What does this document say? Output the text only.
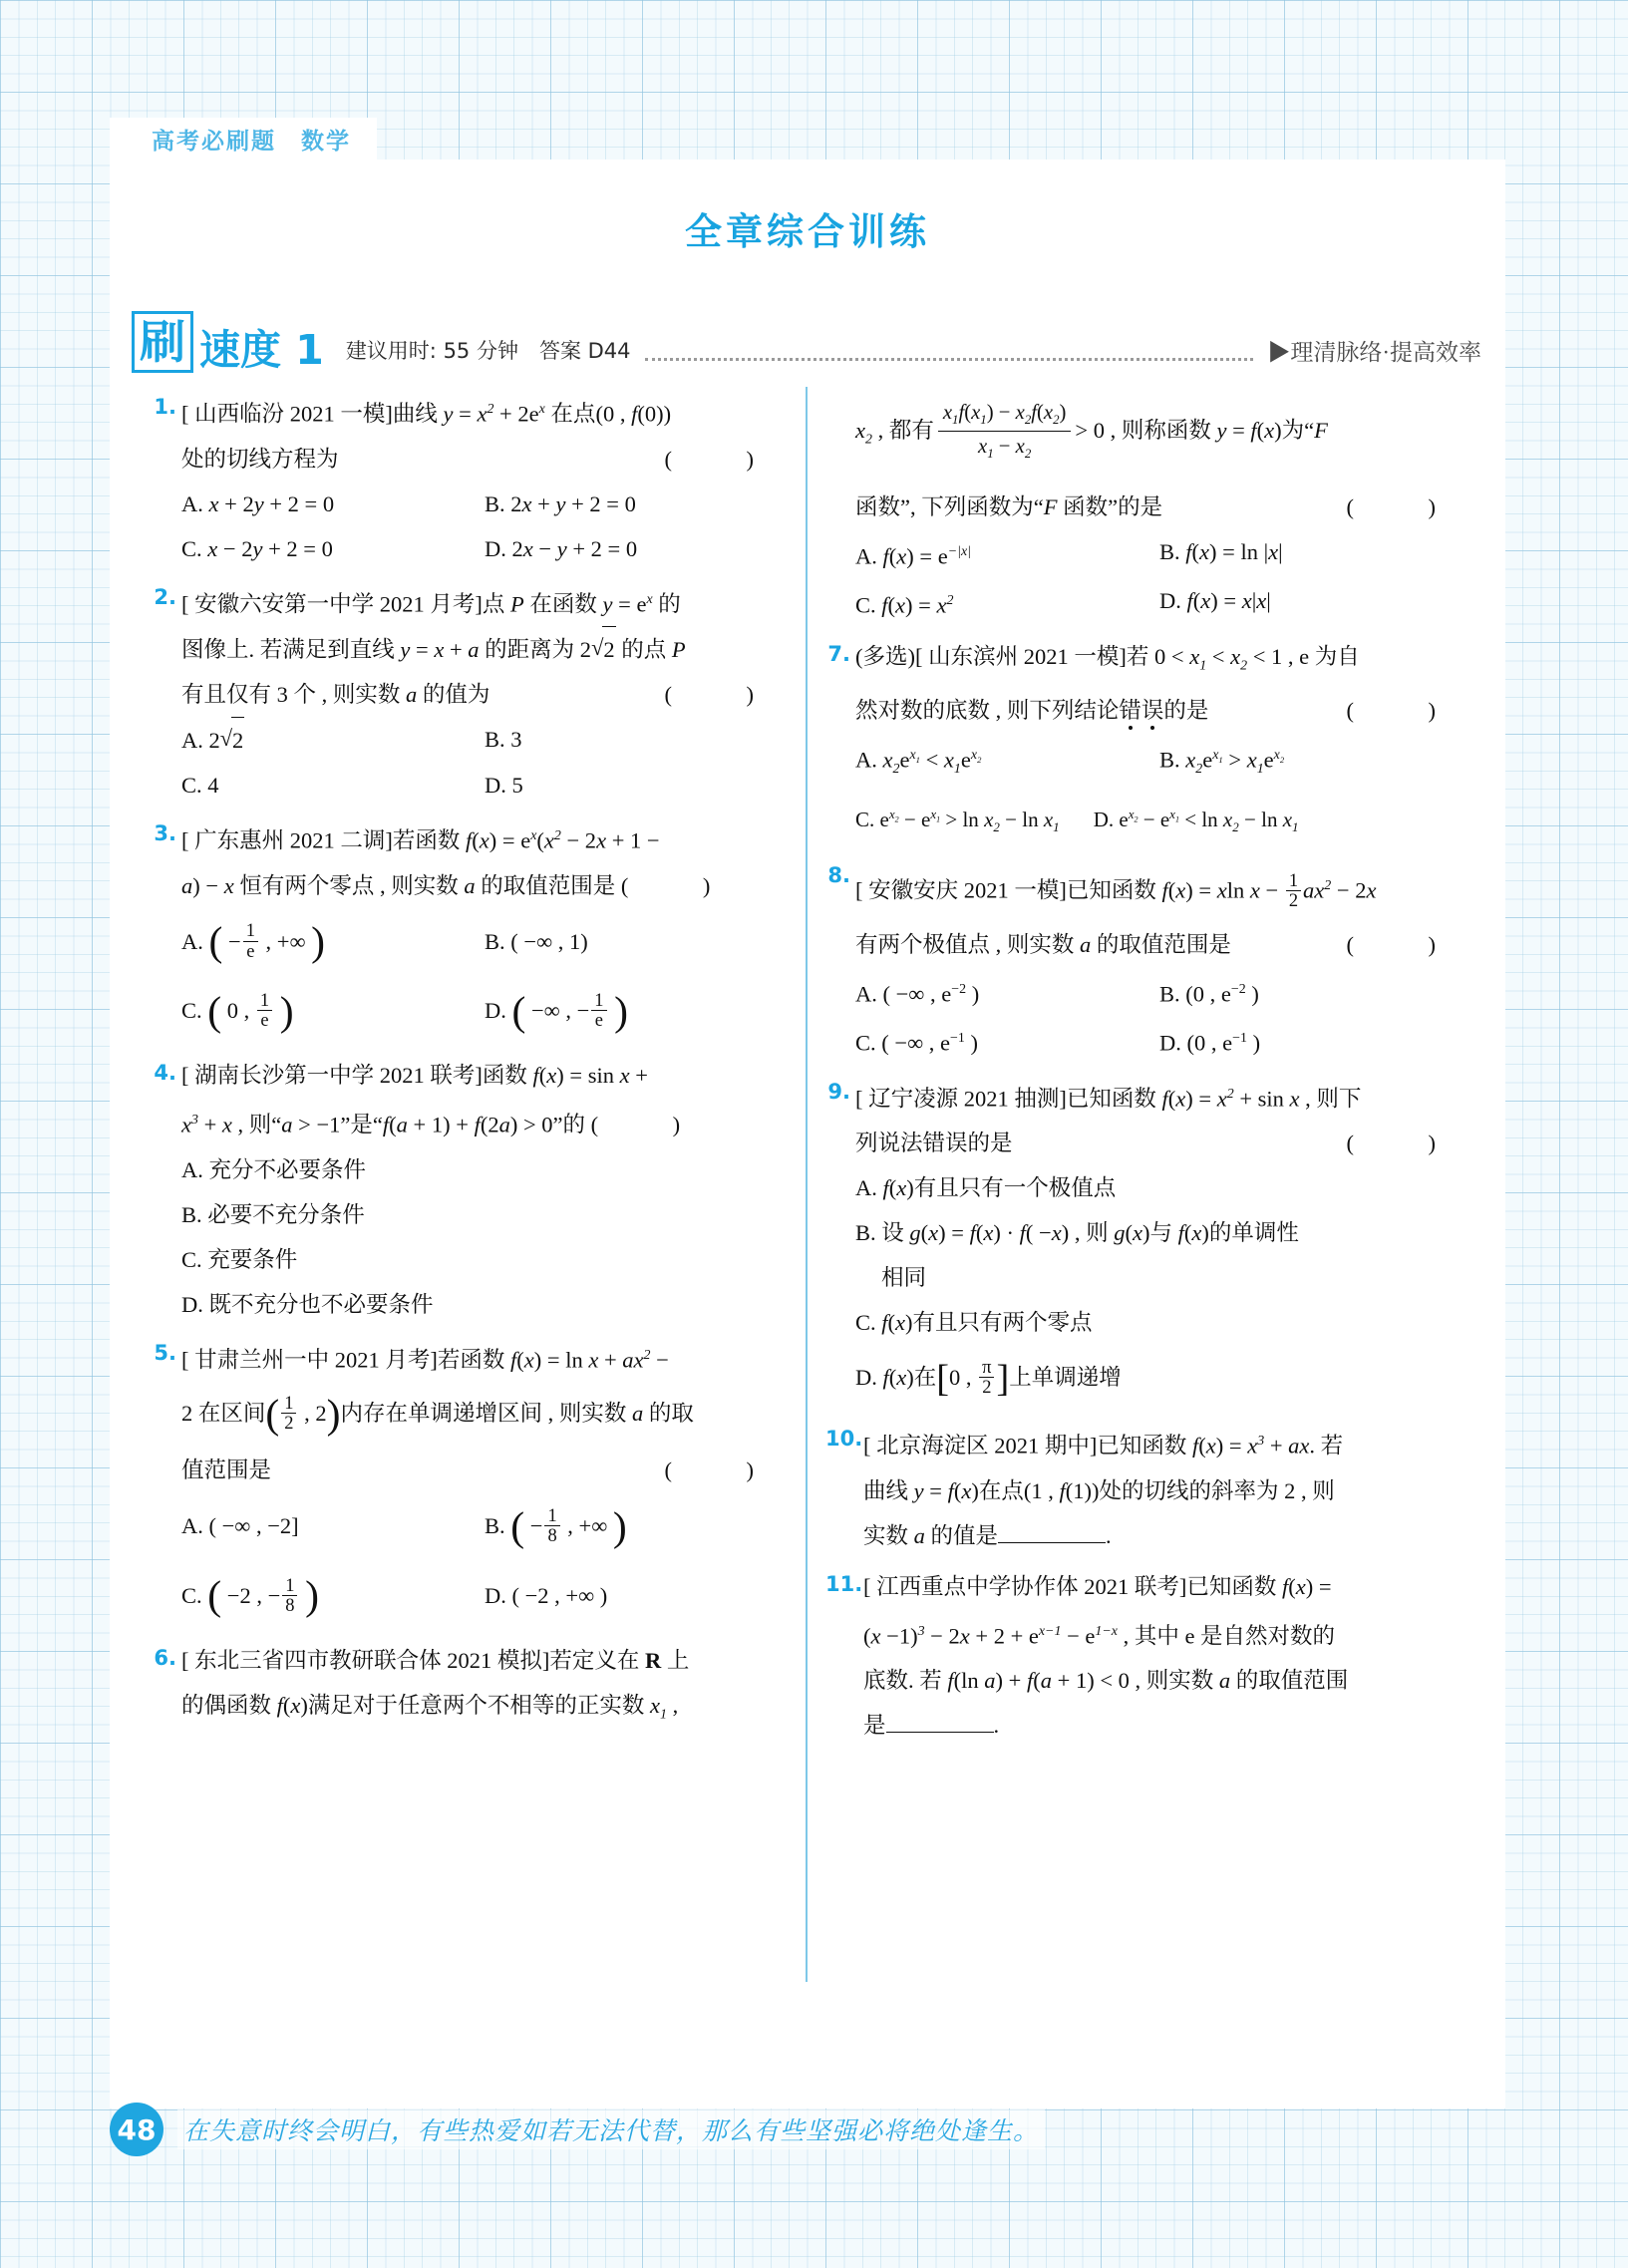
高考必刷题　数学
全章综合训练
刷 速度 1 建议用时: 55 分钟　答案 D44	▶理清脉络·提高效率
1. [ 山西临汾 2021 一模]曲线 $y = x^2 + 2e^x$ 在点(0 , f(0))
处的切线方程为	(　)
A. x + 2y + 2 = 0	B. 2x + y + 2 = 0
C. x − 2y + 2 = 0	D. 2x − y + 2 = 0
2. [ 安徽六安第一中学 2021 月考]点 P 在函数 $y = e^x$ 的
图像上. 若满足到直线 y = x + a 的距离为 2 √ 2 的点 P
有且仅有 3 个 , 则实数 a 的值为	(　)
A. 2 √ 2	B. 3
C. 4	D. 5
3. [ 广东惠州 2021 二调]若函数 $f(x) = e^x(x^2 - 2x + 1$ −
a) − x 恒有两个零点 , 则实数 a 的取值范围是 (　)
A. ( − $\frac{1}{e}$ , +∞ )	B. ( −∞ , 1)
C. ( 0 , $\frac{1}{e}$ )	D. ( −∞ , − $\frac{1}{e}$ )
4. [ 湖南长沙第一中学 2021 联考]函数 f(x) = sin x +
$x^3 + x$ , 则“a > −1”是“f(a + 1) + f(2a) > 0”的 (　)
A. 充分不必要条件
B. 必要不充分条件
C. 充要条件
D. 既不充分也不必要条件
5. [ 甘肃兰州一中 2021 月考]若函数 $f(x) = \ln x + ax^2$ −
2 在区间( $\frac{1}{2}$ , 2)内存在单调递增区间 , 则实数 a 的取
值范围是	(　)
A. ( −∞ , −2]	B. ( − $\frac{1}{8}$ , +∞ )
C. ( −2 , − $\frac{1}{8}$ )	D. ( −2 , +∞ )
6. [ 东北三省四市教研联合体 2021 模拟]若定义在 R 上
的偶函数 f(x)满足对于任意两个不相等的正实数 $x_1$ ,
$x_2$ , 都有 $\frac{x_1f(x_1) - x_2f(x_2)}{x_1 - x_2} > 0$ , 则称函数 y = f(x)为“F
函数”, 下列函数为“F 函数”的是	(　)
A. $f(x) = e^{-|x|}$	B. f(x) = ln |x|
C. $f(x) = x^2$	D. f(x) = x|x|
7. (多选)[ 山东滨州 2021 一模]若 $0 < x_1 < x_2 < 1$ , e 为自
然对数的底数 , 则下列结论错误的是	(　)
A. $x_2e^{x_1} < x_1e^{x_2}$	B. $x_2e^{x_1} > x_1e^{x_2}$
C. $e^{x_2} - e^{x_1} > \ln x_2 - \ln x_1$	D. $e^{x_2} - e^{x_1} < \ln x_2 - \ln x_1$
8.
[ 安徽安庆 2021 一模]已知函数 f(x) = xln $x - \frac{1}{2} ax^2 - 2x$
有两个极值点 , 则实数 a 的取值范围是	(　)
A. ( −∞ , $e^{-2}$ )	B. (0 , $e^{-2}$ )
C. ( −∞ , $e^{-1}$ )	D. (0 , $e^{-1}$ )
9. [ 辽宁凌源 2021 抽测]已知函数 $f(x) = x^2 + \sin x$ , 则下
列说法错误的是	(　)
A. f(x)有且只有一个极值点
B. 设 g(x) = f(x) · f( −x) , 则 g(x)与 f(x)的单调性
相同
C. f(x)有且只有两个零点
D. f(x)在[0 , $\frac{\pi}{2}$ ]上单调递增
10. [ 北京海淀区 2021 期中]已知函数 $f(x) = x^3$ + ax. 若
曲线 y = f(x)在点(1 , f(1))处的切线的斜率为 2 , 则
实数 a 的值是	.
11. [ 江西重点中学协作体 2021 联考]已知函数 f(x) =
$(x -1)^3 - 2x + 2 + e^{x-1} - e^{1-x}$ , 其中 e 是自然对数的
底数. 若 f(ln a) + f(a + 1) < 0 , 则实数 a 的取值范围
是	.
48	在失意时终会明白，有些热爱如若无法代替，那么有些坚强必将绝处逢生。
